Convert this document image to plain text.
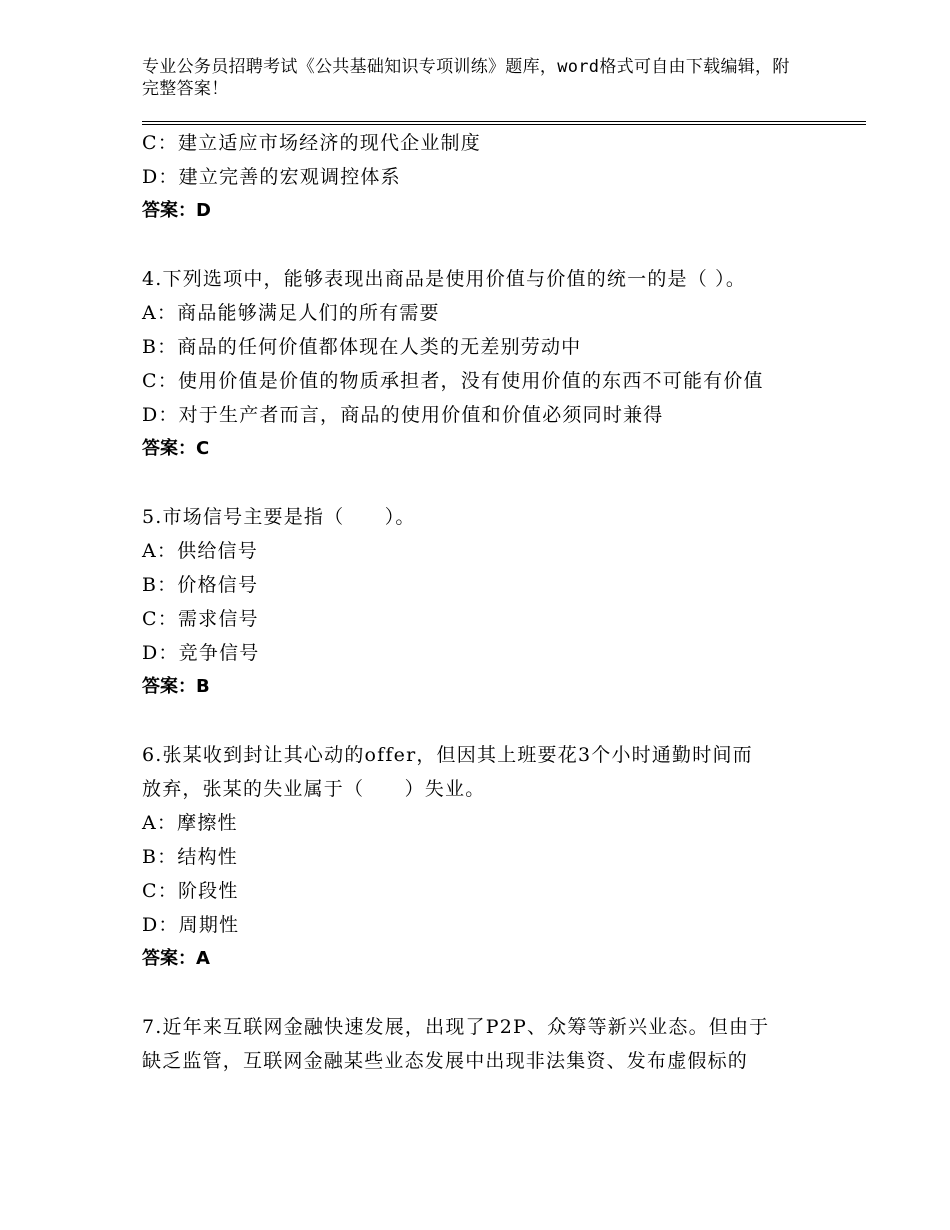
专业公务员招聘考试《公共基础知识专项训练》题库，word格式可自由下载编辑，附完整答案！
C：建立适应市场经济的现代企业制度
D：建立完善的宏观调控体系
答案：D
4.下列选项中，能够表现出商品是使用价值与价值的统一的是（ ）。
A：商品能够满足人们的所有需要
B：商品的任何价值都体现在人类的无差别劳动中
C：使用价值是价值的物质承担者，没有使用价值的东西不可能有价值
D：对于生产者而言，商品的使用价值和价值必须同时兼得
答案：C
5.市场信号主要是指（　　）。
A：供给信号
B：价格信号
C：需求信号
D：竞争信号
答案：B
6.张某收到封让其心动的offer，但因其上班要花3个小时通勤时间而
放弃，张某的失业属于（　　）失业。
A：摩擦性
B：结构性
C：阶段性
D：周期性
答案：A
7.近年来互联网金融快速发展，出现了P2P、众筹等新兴业态。但由于
缺乏监管，互联网金融某些业态发展中出现非法集资、发布虚假标的
